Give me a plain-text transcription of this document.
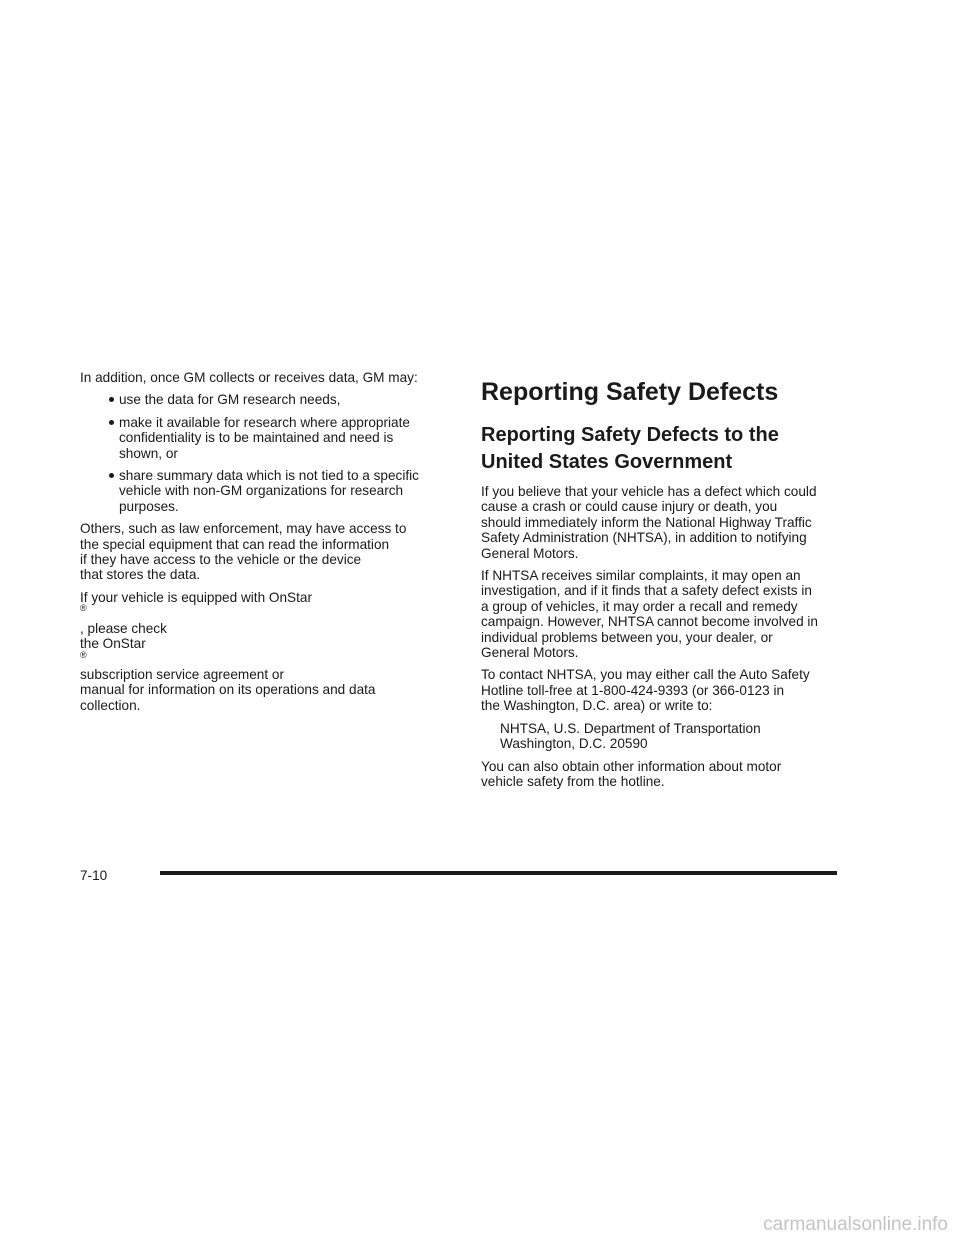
In addition, once GM collects or receives data, GM may:

use the data for GM research needs,
make it available for research where appropriate
confidentiality is to be maintained and need is
shown, or
share summary data which is not tied to a specific
vehicle with non-GM organizations for research
purposes.

Others, such as law enforcement, may have access to
the special equipment that can read the information
if they have access to the vehicle or the device
that stores the data.

If your vehicle is equipped with OnStar
®
, please check
the OnStar
®
subscription service agreement or
manual for information on its operations and data
collection.

Reporting Safety Defects
Reporting Safety Defects to the
United States Government

If you believe that your vehicle has a defect which could
cause a crash or could cause injury or death, you
should immediately inform the National Highway Traffic
Safety Administration (NHTSA), in addition to notifying
General Motors.

If NHTSA receives similar complaints, it may open an
investigation, and if it finds that a safety defect exists in
a group of vehicles, it may order a recall and remedy
campaign. However, NHTSA cannot become involved in
individual problems between you, your dealer, or
General Motors.

To contact NHTSA, you may either call the Auto Safety
Hotline toll-free at 1-800-424-9393 (or 366-0123 in
the Washington, D.C. area) or write to:

NHTSA, U.S. Department of Transportation
Washington, D.C. 20590

You can also obtain other information about motor
vehicle safety from the hotline.

7-10
carmanualsonline.info
